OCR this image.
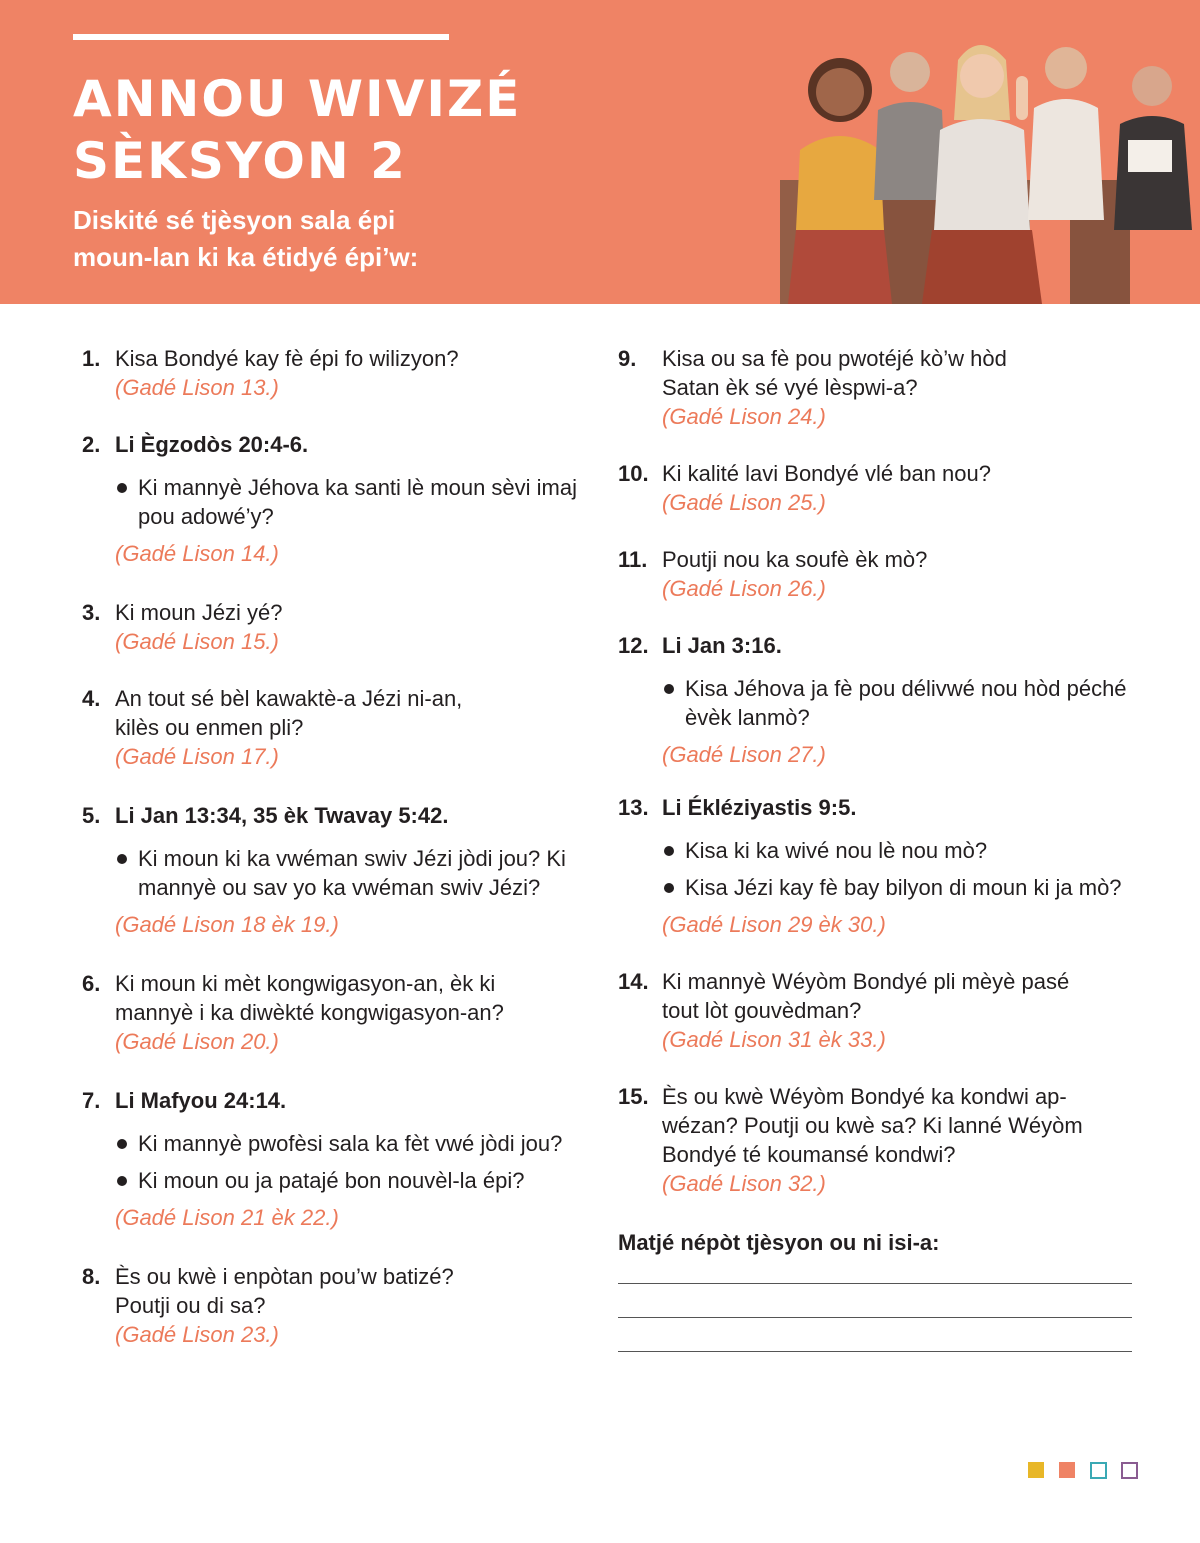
ANNOU WIVIZÉ
SÈKSYON 2

Diskité sé tjèsyon sala épi
moun-lan ki ka étidyé épi’w:

1. Kisa Bondyé kay fè épi fo wilizyon?
(Gadé Lison 13.)
2. Li Ègzodòs 20:4-6.
Ki mannyè Jéhova ka santi lè moun sèvi imaj pou adowé’y?
(Gadé Lison 14.)
3. Ki moun Jézi yé?
(Gadé Lison 15.)
4. An tout sé bèl kawaktè-a Jézi ni-an,
kilès ou enmen pli?
(Gadé Lison 17.)
5. Li Jan 13:34, 35 èk Twavay 5:42.
Ki moun ki ka vwéman swiv Jézi jòdi jou? Ki mannyè ou sav yo ka vwéman swiv Jézi?
(Gadé Lison 18 èk 19.)
6. Ki moun ki mèt kongwigasyon-an, èk ki
mannyè i ka diwèkté kongwigasyon-an?
(Gadé Lison 20.)
7. Li Mafyou 24:14.
Ki mannyè pwofèsi sala ka fèt vwé jòdi jou?
Ki moun ou ja patajé bon nouvèl-la épi?
(Gadé Lison 21 èk 22.)
8. Ès ou kwè i enpòtan pou’w batizé?
Poutji ou di sa?
(Gadé Lison 23.)
9. Kisa ou sa fè pou pwotéjé kò’w hòd
Satan èk sé vyé lèspwi-a?
(Gadé Lison 24.)
10. Ki kalité lavi Bondyé vlé ban nou?
(Gadé Lison 25.)
11. Poutji nou ka soufè èk mò?
(Gadé Lison 26.)
12. Li Jan 3:16.
Kisa Jéhova ja fè pou délivwé nou hòd péché èvèk lanmò?
(Gadé Lison 27.)
13. Li Ékléziyastis 9:5.
Kisa ki ka wivé nou lè nou mò?
Kisa Jézi kay fè bay bilyon di moun ki ja mò?
(Gadé Lison 29 èk 30.)
14. Ki mannyè Wéyòm Bondyé pli mèyè pasé
tout lòt gouvèdman?
(Gadé Lison 31 èk 33.)
15. Ès ou kwè Wéyòm Bondyé ka kondwi ap-
wézan? Poutji ou kwè sa? Ki lanné Wéyòm
Bondyé té koumansé kondwi?
(Gadé Lison 32.)
Matjé népòt tjèsyon ou ni isi-a:
